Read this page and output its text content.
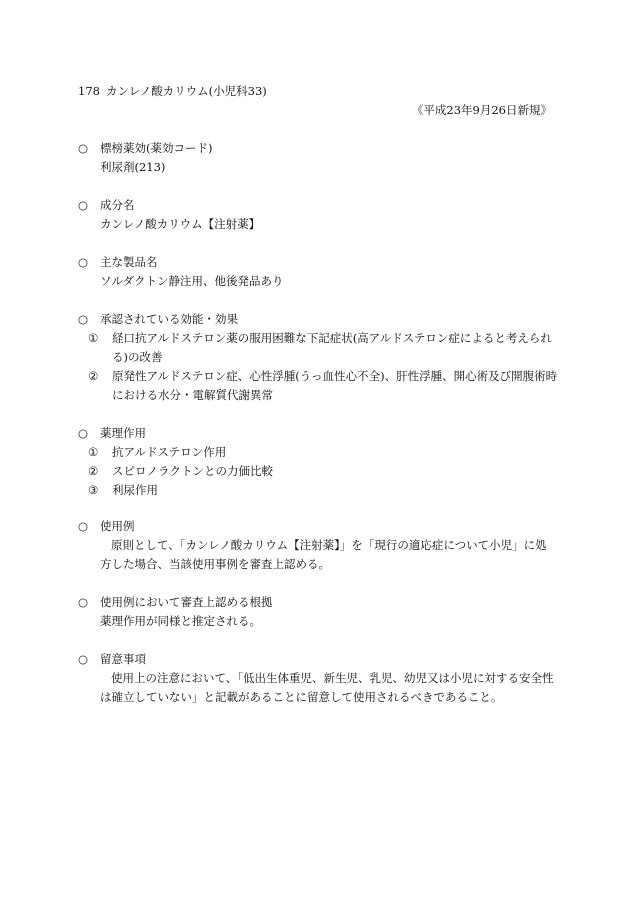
178 カンレノ酸カリウム(小児科33)
《平成23年9月26日新規》
○ 標榜薬効(薬効コード)
利尿剤(213)
○ 成分名
カンレノ酸カリウム【注射薬】
○ 主な製品名
ソルダクトン静注用、他後発品あり
○ 承認されている効能・効果
①	経口抗アルドステロン薬の服用困難な下記症状(高アルドステロン症によると考えられる)の改善
②	原発性アルドステロン症、心性浮腫(うっ血性心不全)、肝性浮腫、開心術及び開腹術時における水分・電解質代謝異常
○ 薬理作用
①	抗アルドステロン作用
②	スピロノラクトンとの力価比較
③	利尿作用
○ 使用例
原則として、「カンレノ酸カリウム【注射薬】」を「現行の適応症について小児」に処方した場合、当該使用事例を審査上認める。
○ 使用例において審査上認める根拠
薬理作用が同様と推定される。
○ 留意事項
使用上の注意において、「低出生体重児、新生児、乳児、幼児又は小児に対する安全性は確立していない」と記載があることに留意して使用されるべきであること。
